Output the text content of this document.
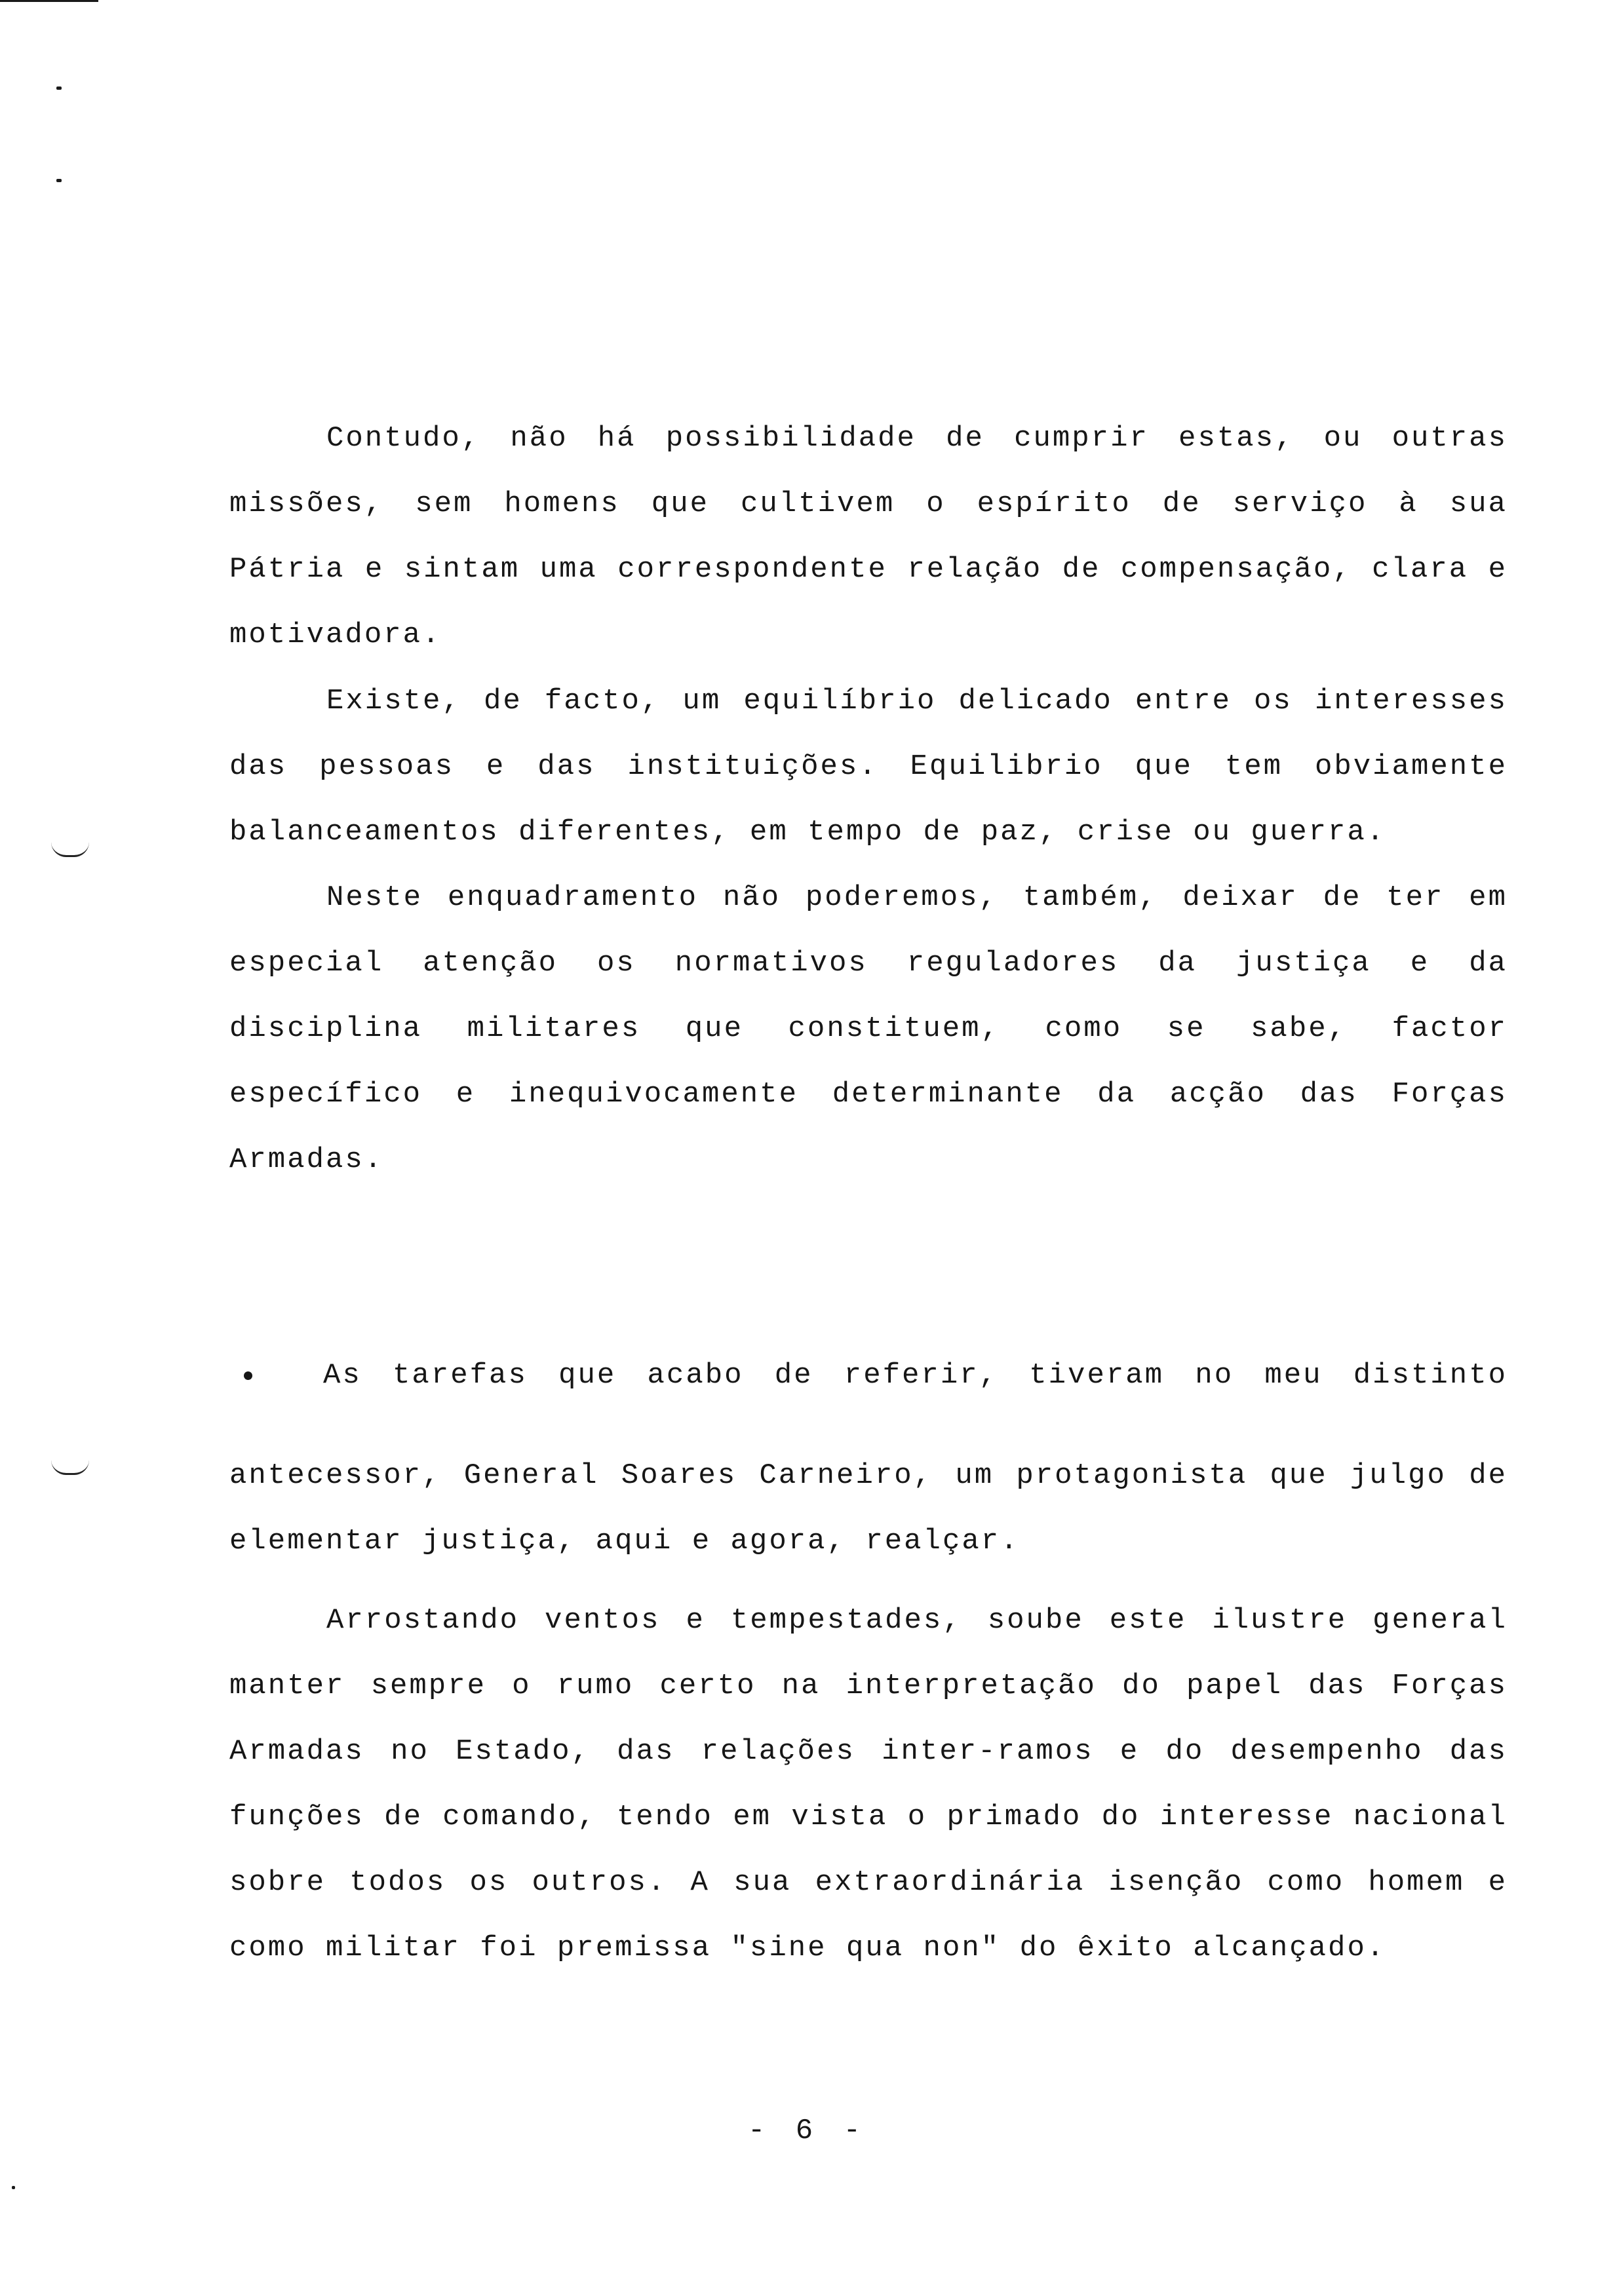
Contudo, não há possibilidade de cumprir estas, ou outras missões, sem homens que cultivem o espírito de serviço à sua Pátria e sintam uma correspondente relação de compensação, clara e motivadora.

Existe, de facto, um equilíbrio delicado entre os interesses das pessoas e das instituições. Equilibrio que tem obviamente balanceamentos diferentes, em tempo de paz, crise ou guerra.

Neste enquadramento não poderemos, também, deixar de ter em especial atenção os normativos reguladores da justiça e da disciplina militares que constituem, como se sabe, factor específico e inequivocamente determinante da acção das Forças Armadas.

As tarefas que acabo de referir, tiveram no meu distinto

antecessor, General Soares Carneiro, um protagonista que julgo de elementar justiça, aqui e agora, realçar.

Arrostando ventos e tempestades, soube este ilustre general manter sempre o rumo certo na interpretação do papel das Forças Armadas no Estado, das relações inter-ramos e do desempenho das funções de comando, tendo em vista o primado do interesse nacional sobre todos os outros. A sua extraordinária isenção como homem e como militar foi premissa "sine qua non" do êxito alcançado.

- 6 -
